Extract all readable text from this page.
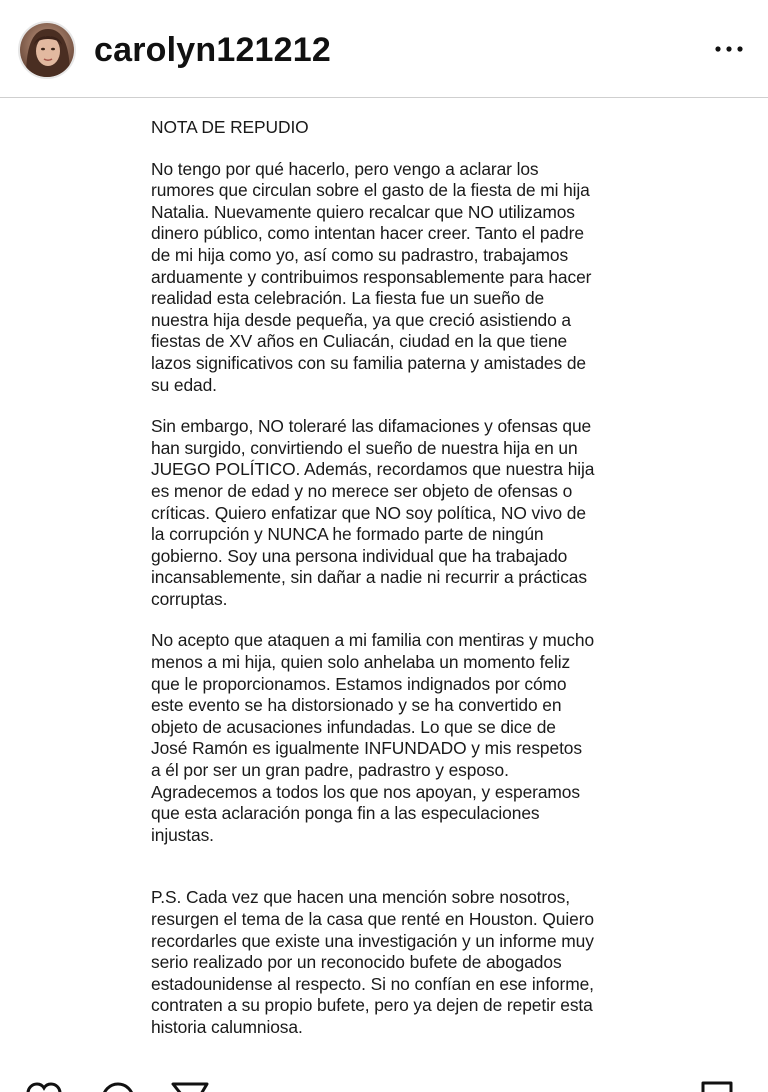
carolyn121212

NOTA DE REPUDIO

No tengo por qué hacerlo, pero vengo a aclarar los rumores que circulan sobre el gasto de la fiesta de mi hija Natalia. Nuevamente quiero recalcar que NO utilizamos dinero público, como intentan hacer creer. Tanto el padre de mi hija como yo, así como su padrastro, trabajamos arduamente y contribuimos responsablemente para hacer realidad esta celebración. La fiesta fue un sueño de nuestra hija desde pequeña, ya que creció asistiendo a fiestas de XV años en Culiacán, ciudad en la que tiene lazos significativos con su familia paterna y amistades de su edad.

Sin embargo, NO toleraré las difamaciones y ofensas que han surgido, convirtiendo el sueño de nuestra hija en un JUEGO POLÍTICO. Además, recordamos que nuestra hija es menor de edad y no merece ser objeto de ofensas o críticas. Quiero enfatizar que NO soy política, NO vivo de la corrupción y NUNCA he formado parte de ningún gobierno. Soy una persona individual que ha trabajado incansablemente, sin dañar a nadie ni recurrir a prácticas corruptas.

No acepto que ataquen a mi familia con mentiras y mucho menos a mi hija, quien solo anhelaba un momento feliz que le proporcionamos. Estamos indignados por cómo este evento se ha distorsionado y se ha convertido en objeto de acusaciones infundadas. Lo que se dice de José Ramón es igualmente INFUNDADO y mis respetos a él por ser un gran padre, padrastro y esposo. Agradecemos a todos los que nos apoyan, y esperamos que esta aclaración ponga fin a las especulaciones injustas.

P.S. Cada vez que hacen una mención sobre nosotros, resurgen el tema de la casa que renté en Houston. Quiero recordarles que existe una investigación y un informe muy serio realizado por un reconocido bufete de abogados estadounidense al respecto. Si no confían en ese informe, contraten a su propio bufete, pero ya dejen de repetir esta historia calumniosa.
